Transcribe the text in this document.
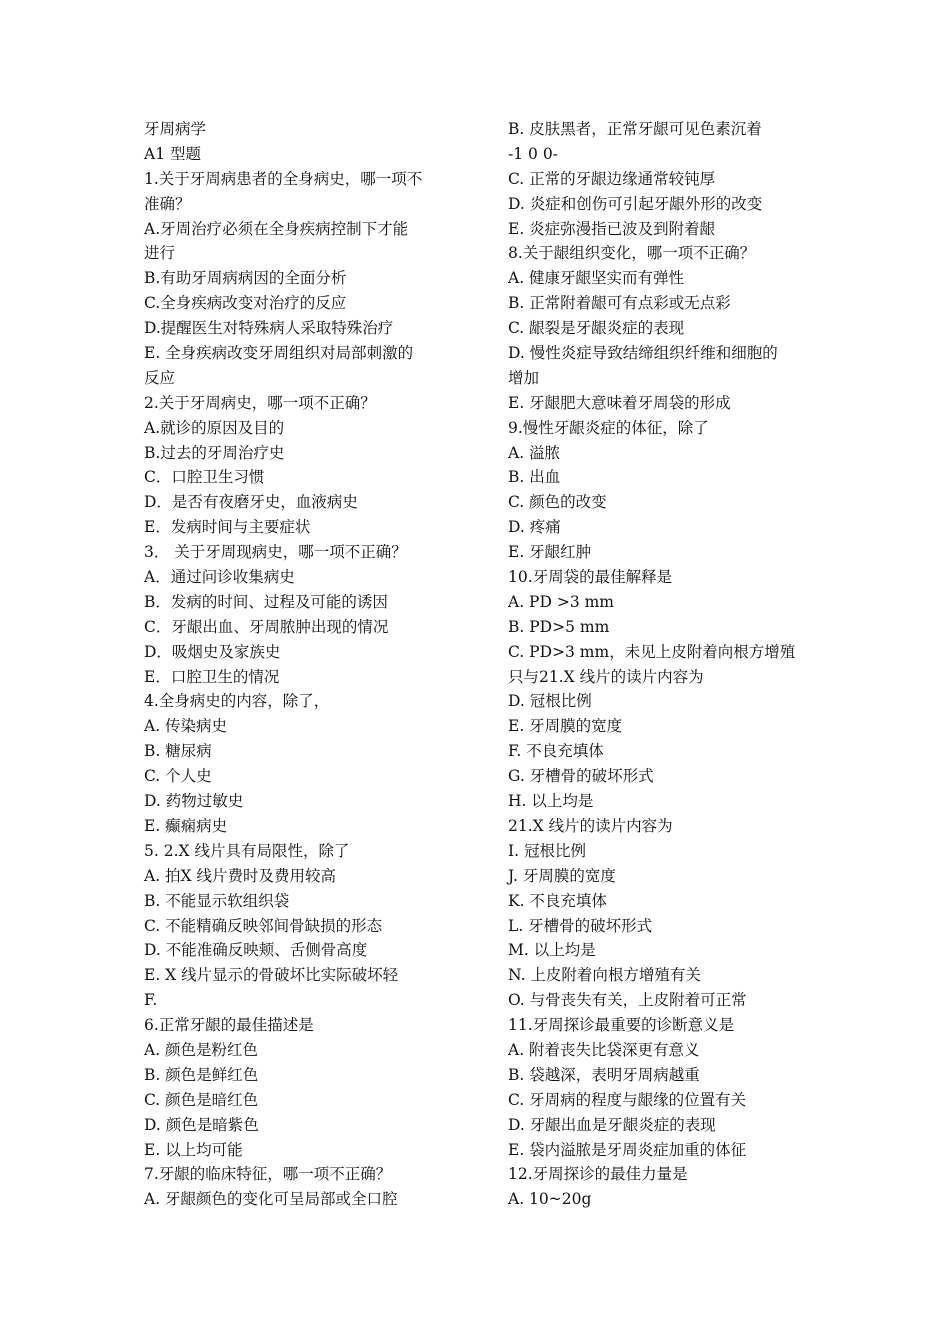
牙周病学
A1 型题
1.关于牙周病患者的全身病史，哪一项不
准确？
A.牙周治疗必须在全身疾病控制下才能
进行
B.有助牙周病病因的全面分析
C.全身疾病改变对治疗的反应
D.提醒医生对特殊病人采取特殊治疗
E. 全身疾病改变牙周组织对局部刺激的
反应
2.关于牙周病史，哪一项不正确？
A.就诊的原因及目的
B.过去的牙周治疗史
C．口腔卫生习惯
D．是否有夜磨牙史，血液病史
E．发病时间与主要症状
3． 关于牙周现病史，哪一项不正确？
A．通过问诊收集病史
B．发病的时间、过程及可能的诱因
C．牙龈出血、牙周脓肿出现的情况
D．吸烟史及家族史
E．口腔卫生的情况
4.全身病史的内容，除了，
A. 传染病史
B. 糖尿病
C. 个人史
D. 药物过敏史
E. 癫痫病史
5. 2.X 线片具有局限性，除了
A. 拍X 线片费时及费用较高
B. 不能显示软组织袋
C. 不能精确反映邻间骨缺损的形态
D. 不能准确反映颊、舌侧骨高度
E. X 线片显示的骨破坏比实际破坏轻
F.
6.正常牙龈的最佳描述是
A. 颜色是粉红色
B. 颜色是鲜红色
C. 颜色是暗红色
D. 颜色是暗紫色
E. 以上均可能
7.牙龈的临床特征，哪一项不正确？
A. 牙龈颜色的变化可呈局部或全口腔
B. 皮肤黑者，正常牙龈可见色素沉着
-1 0 0-
C. 正常的牙龈边缘通常较钝厚
D. 炎症和创伤可引起牙龈外形的改变
E. 炎症弥漫指已波及到附着龈
8.关于龈组织变化，哪一项不正确？
A. 健康牙龈坚实而有弹性
B. 正常附着龈可有点彩或无点彩
C. 龈裂是牙龈炎症的表现
D. 慢性炎症导致结缔组织纤维和细胞的
增加
E. 牙龈肥大意味着牙周袋的形成
9.慢性牙龈炎症的体征，除了
A. 溢脓
B. 出血
C. 颜色的改变
D. 疼痛
E. 牙龈红肿
10.牙周袋的最佳解释是
A. PD >3 mm
B. PD>5 mm
C. PD>3 mm，未见上皮附着向根方增殖
只与21.X 线片的读片内容为
D. 冠根比例
E. 牙周膜的宽度
F. 不良充填体
G. 牙槽骨的破坏形式
H. 以上均是
21.X 线片的读片内容为
I. 冠根比例
J. 牙周膜的宽度
K. 不良充填体
L. 牙槽骨的破坏形式
M. 以上均是
N. 上皮附着向根方增殖有关
O. 与骨丧失有关，上皮附着可正常
11.牙周探诊最重要的诊断意义是
A. 附着丧失比袋深更有意义
B. 袋越深，表明牙周病越重
C. 牙周病的程度与龈缘的位置有关
D. 牙龈出血是牙龈炎症的表现
E. 袋内溢脓是牙周炎症加重的体征
12.牙周探诊的最佳力量是
A. 10~20g
